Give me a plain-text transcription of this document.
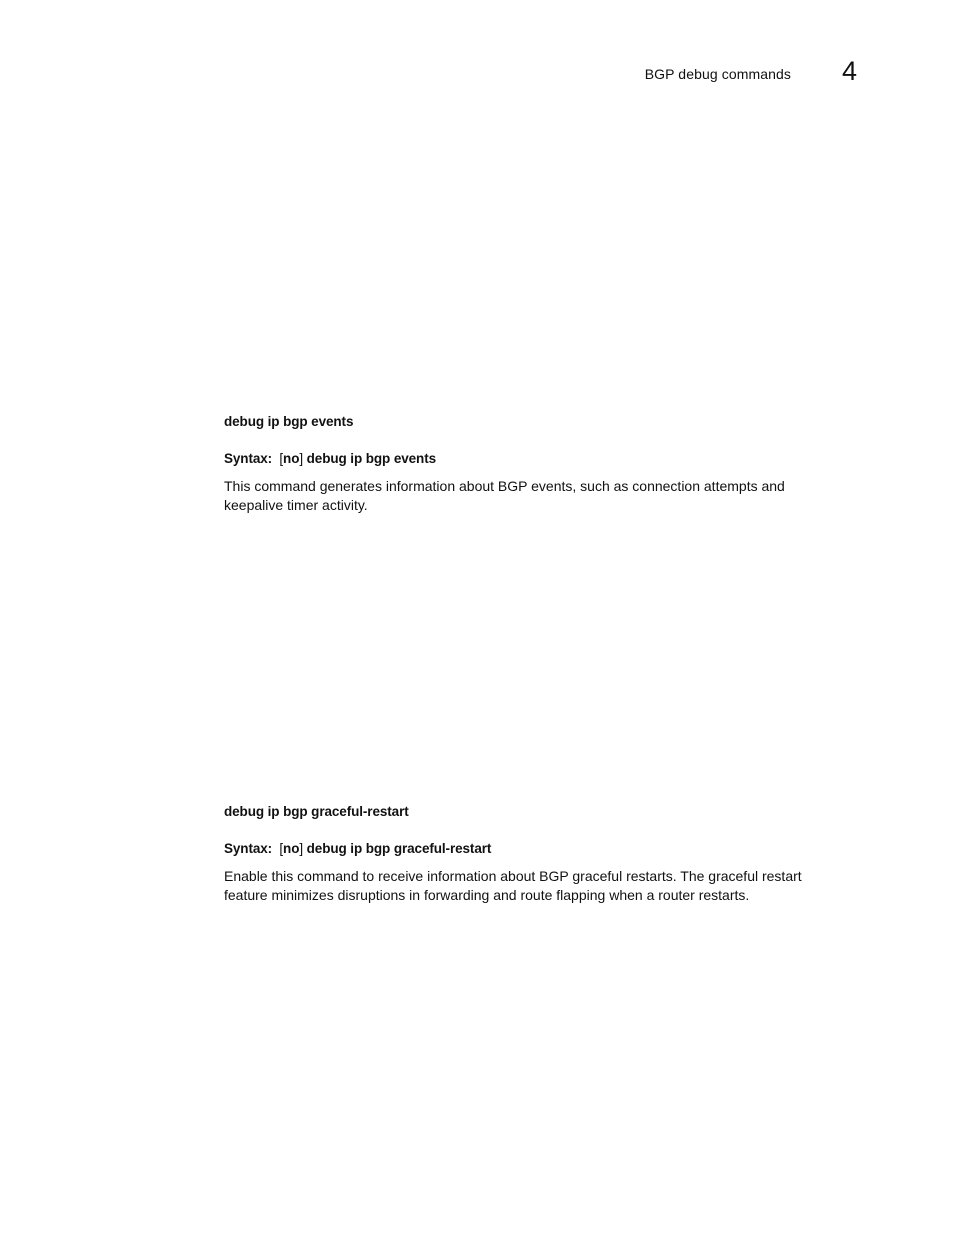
BGP debug commands 4
debug ip bgp events
Syntax: [no] debug ip bgp events
This command generates information about BGP events, such as connection attempts and keepalive timer activity.
debug ip bgp graceful-restart
Syntax: [no] debug ip bgp graceful-restart
Enable this command to receive information about BGP graceful restarts. The graceful restart feature minimizes disruptions in forwarding and route flapping when a router restarts.
